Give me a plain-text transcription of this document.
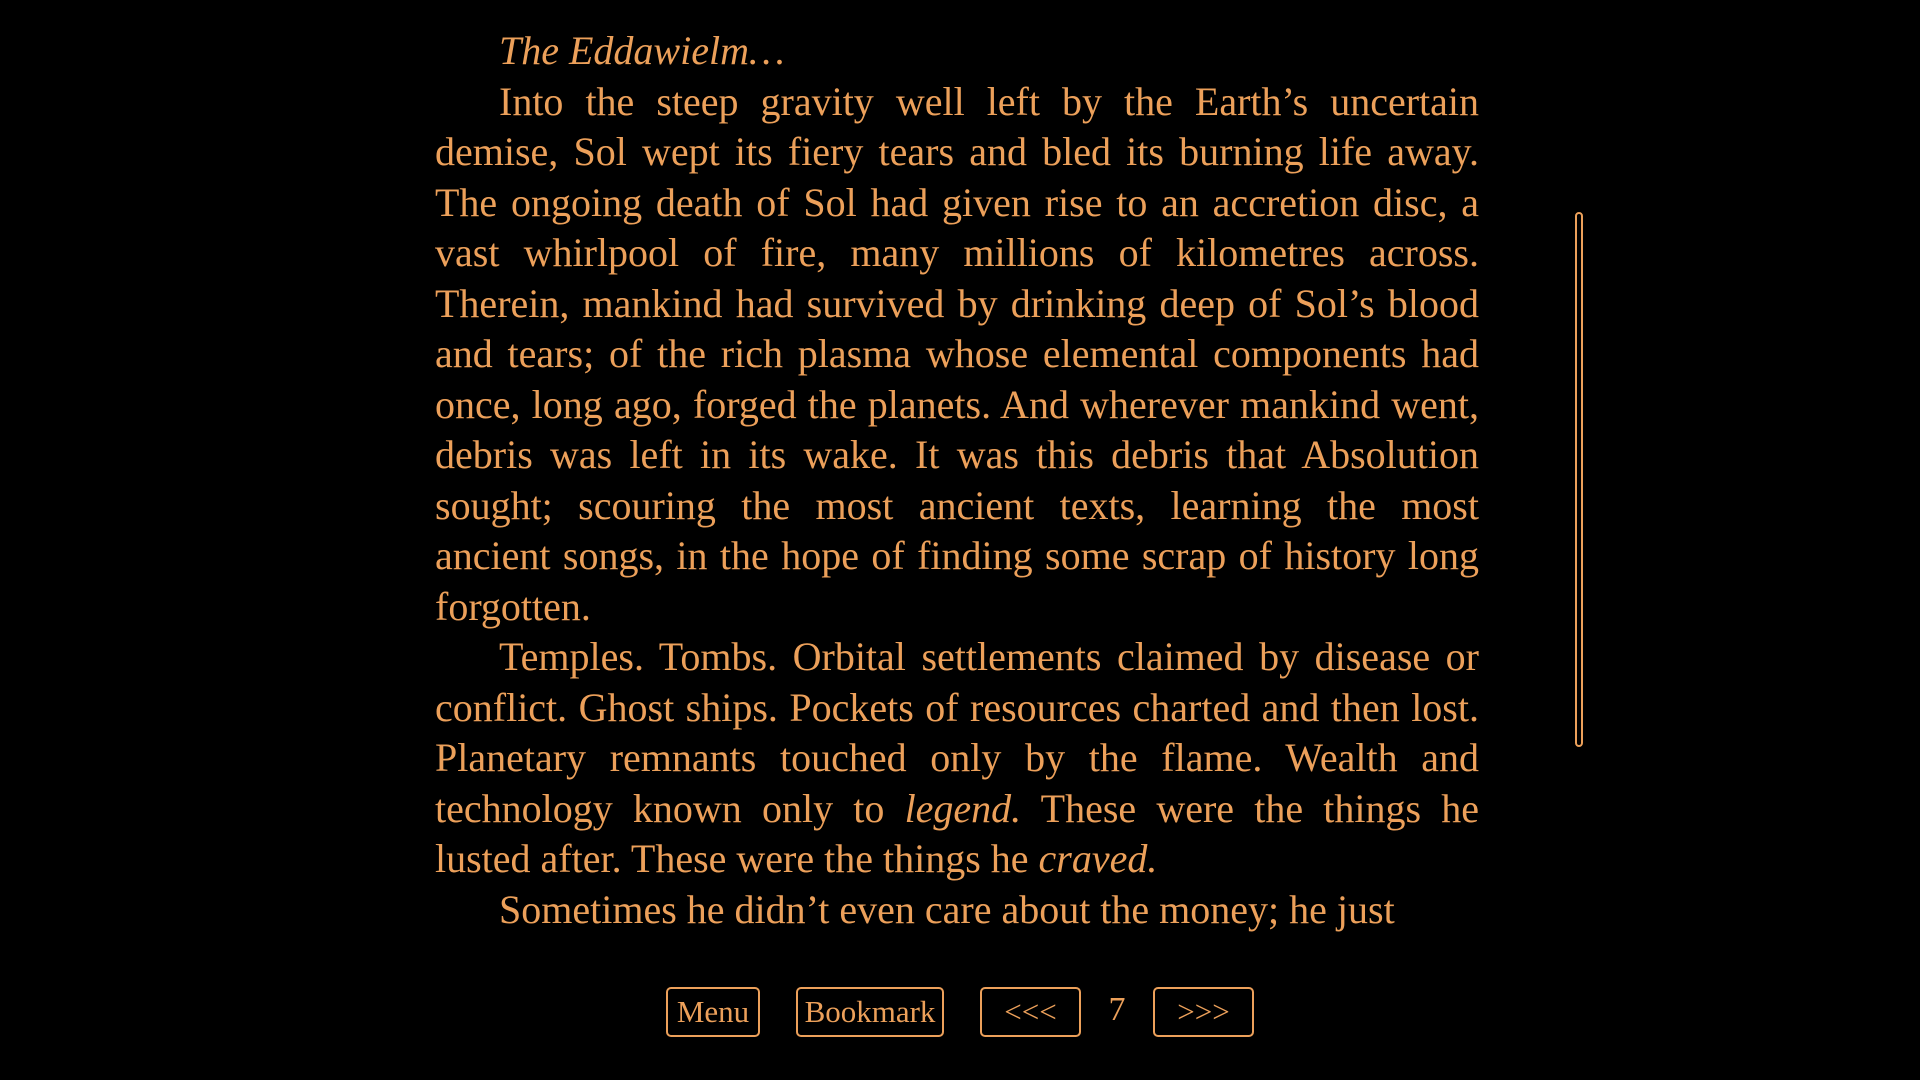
The Eddawielm…

Into the steep gravity well left by the Earth’s uncertain demise, Sol wept its fiery tears and bled its burning life away. The ongoing death of Sol had given rise to an accretion disc, a vast whirlpool of fire, many millions of kilometres across. Therein, mankind had survived by drinking deep of Sol’s blood and tears; of the rich plasma whose elemental components had once, long ago, forged the planets. And wherever mankind went, debris was left in its wake. It was this debris that Absolution sought; scouring the most ancient texts, learning the most ancient songs, in the hope of finding some scrap of history long forgotten.

Temples. Tombs. Orbital settlements claimed by disease or conflict. Ghost ships. Pockets of resources charted and then lost. Planetary remnants touched only by the flame. Wealth and technology known only to legend. These were the things he lusted after. These were the things he craved.

Sometimes he didn’t even care about the money; he just

Menu	Bookmark	<<<	7	>>>
